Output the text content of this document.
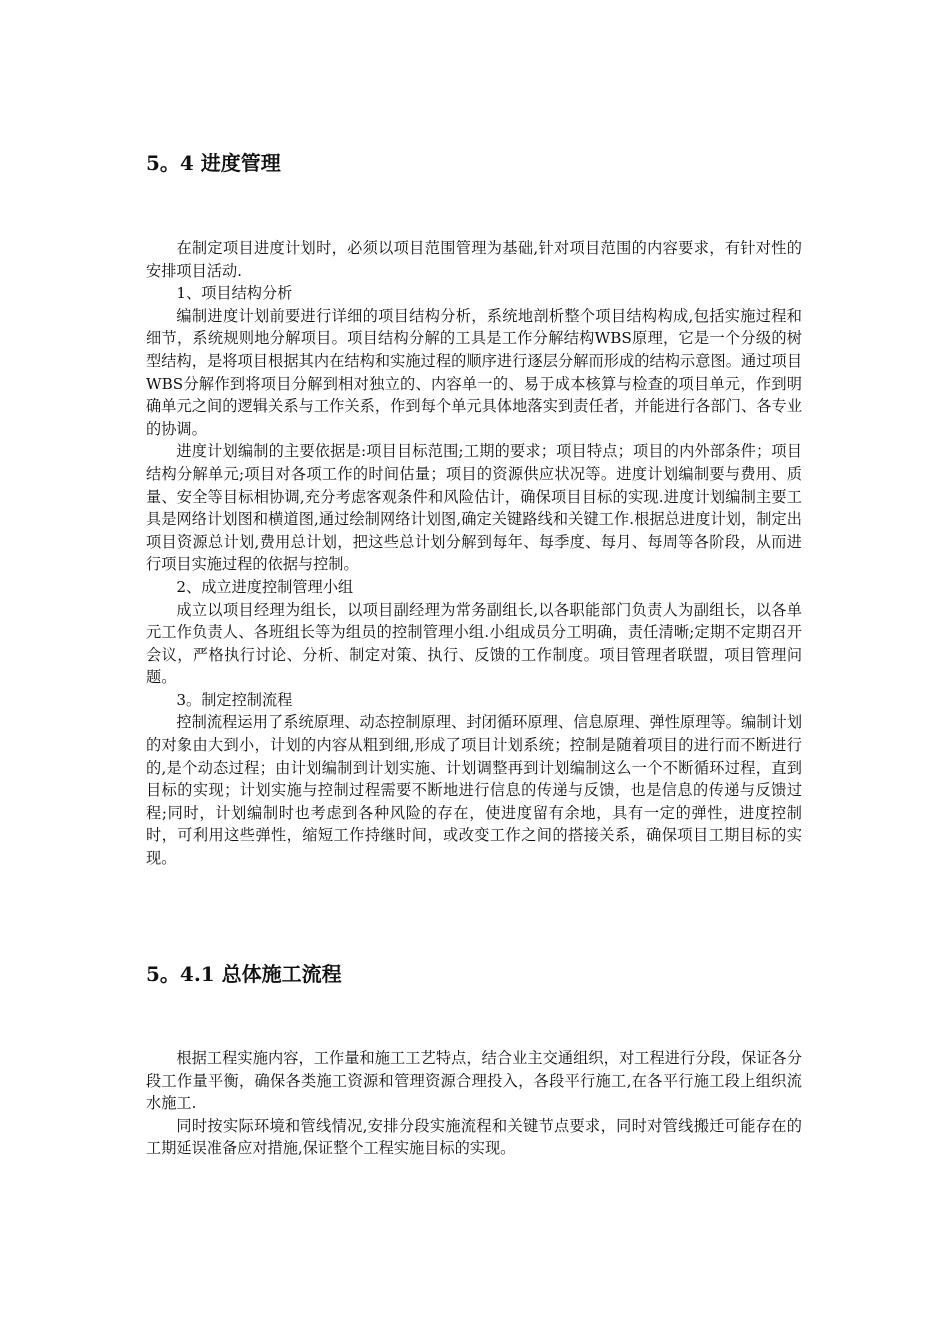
5。4 进度管理

在制定项目进度计划时，必须以项目范围管理为基础,针对项目范围的内容要求，有针对性的安排项目活动.

1、项目结构分析

编制进度计划前要进行详细的项目结构分析，系统地剖析整个项目结构构成,包括实施过程和细节，系统规则地分解项目。项目结构分解的工具是工作分解结构WBS原理，它是一个分级的树型结构，是将项目根据其内在结构和实施过程的顺序进行逐层分解而形成的结构示意图。通过项目WBS分解作到将项目分解到相对独立的、内容单一的、易于成本核算与检查的项目单元，作到明确单元之间的逻辑关系与工作关系，作到每个单元具体地落实到责任者，并能进行各部门、各专业的协调。

进度计划编制的主要依据是:项目目标范围;工期的要求；项目特点；项目的内外部条件；项目结构分解单元;项目对各项工作的时间估量；项目的资源供应状况等。进度计划编制要与费用、质量、安全等目标相协调,充分考虑客观条件和风险估计，确保项目目标的实现.进度计划编制主要工具是网络计划图和横道图,通过绘制网络计划图,确定关键路线和关键工作.根据总进度计划，制定出项目资源总计划,费用总计划，把这些总计划分解到每年、每季度、每月、每周等各阶段，从而进行项目实施过程的依据与控制。

2、成立进度控制管理小组

成立以项目经理为组长，以项目副经理为常务副组长,以各职能部门负责人为副组长，以各单元工作负责人、各班组长等为组员的控制管理小组.小组成员分工明确，责任清晰;定期不定期召开会议，严格执行讨论、分析、制定对策、执行、反馈的工作制度。项目管理者联盟，项目管理问题。

3。制定控制流程

控制流程运用了系统原理、动态控制原理、封闭循环原理、信息原理、弹性原理等。编制计划的对象由大到小，计划的内容从粗到细,形成了项目计划系统；控制是随着项目的进行而不断进行的,是个动态过程；由计划编制到计划实施、计划调整再到计划编制这么一个不断循环过程，直到目标的实现；计划实施与控制过程需要不断地进行信息的传递与反馈，也是信息的传递与反馈过程;同时，计划编制时也考虑到各种风险的存在，使进度留有余地，具有一定的弹性，进度控制时，可利用这些弹性，缩短工作持继时间，或改变工作之间的搭接关系，确保项目工期目标的实现。

5。4.1 总体施工流程

根据工程实施内容，工作量和施工工艺特点，结合业主交通组织，对工程进行分段，保证各分段工作量平衡，确保各类施工资源和管理资源合理投入，各段平行施工,在各平行施工段上组织流水施工.

同时按实际环境和管线情况,安排分段实施流程和关键节点要求，同时对管线搬迁可能存在的工期延误准备应对措施,保证整个工程实施目标的实现。
